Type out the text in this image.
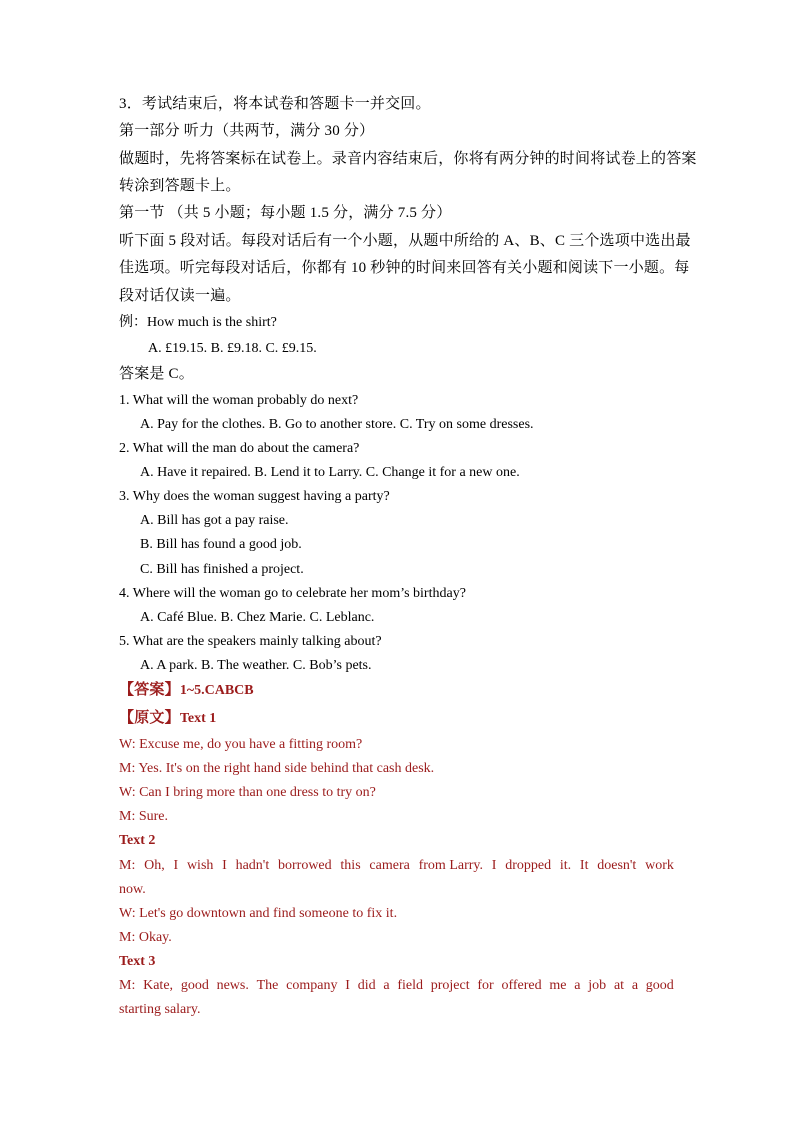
3．考试结束后，将本试卷和答题卡一并交回。
第一部分 听力（共两节，满分 30 分）
做题时，先将答案标在试卷上。录音内容结束后，你将有两分钟的时间将试卷上的答案
转涂到答题卡上。
第一节 （共 5 小题；每小题 1.5 分，满分 7.5 分）
听下面 5 段对话。每段对话后有一个小题，从题中所给的 A、B、C 三个选项中选出最
佳选项。听完每段对话后，你都有 10 秒钟的时间来回答有关小题和阅读下一小题。每
段对话仅读一遍。
例：How much is the shirt?
A. £19.15. B. £9.18. C. £9.15.
答案是 C。
1. What will the woman probably do next?
A. Pay for the clothes. B. Go to another store. C. Try on some dresses.
2. What will the man do about the camera?
A. Have it repaired. B. Lend it to Larry. C. Change it for a new one.
3. Why does the woman suggest having a party?
A. Bill has got a pay raise.
B. Bill has found a good job.
C. Bill has finished a project.
4. Where will the woman go to celebrate her mom’s birthday?
A. Café Blue. B. Chez Marie. C. Leblanc.
5. What are the speakers mainly talking about?
A. A park. B. The weather. C. Bob’s pets.
【答案】1~5.CABCB
【原文】Text 1
W: Excuse me, do you have a fitting room?
M: Yes. It's on the right hand side behind that cash desk.
W: Can I bring more than one dress to try on?
M: Sure.
Text 2
M: Oh, I wish I hadn't borrowed this camera from Larry. I dropped it. It doesn't work
now.
W: Let's go downtown and find someone to fix it.
M: Okay.
Text 3
M: Kate, good news. The company I did a field project for offered me a job at a good
starting salary.
